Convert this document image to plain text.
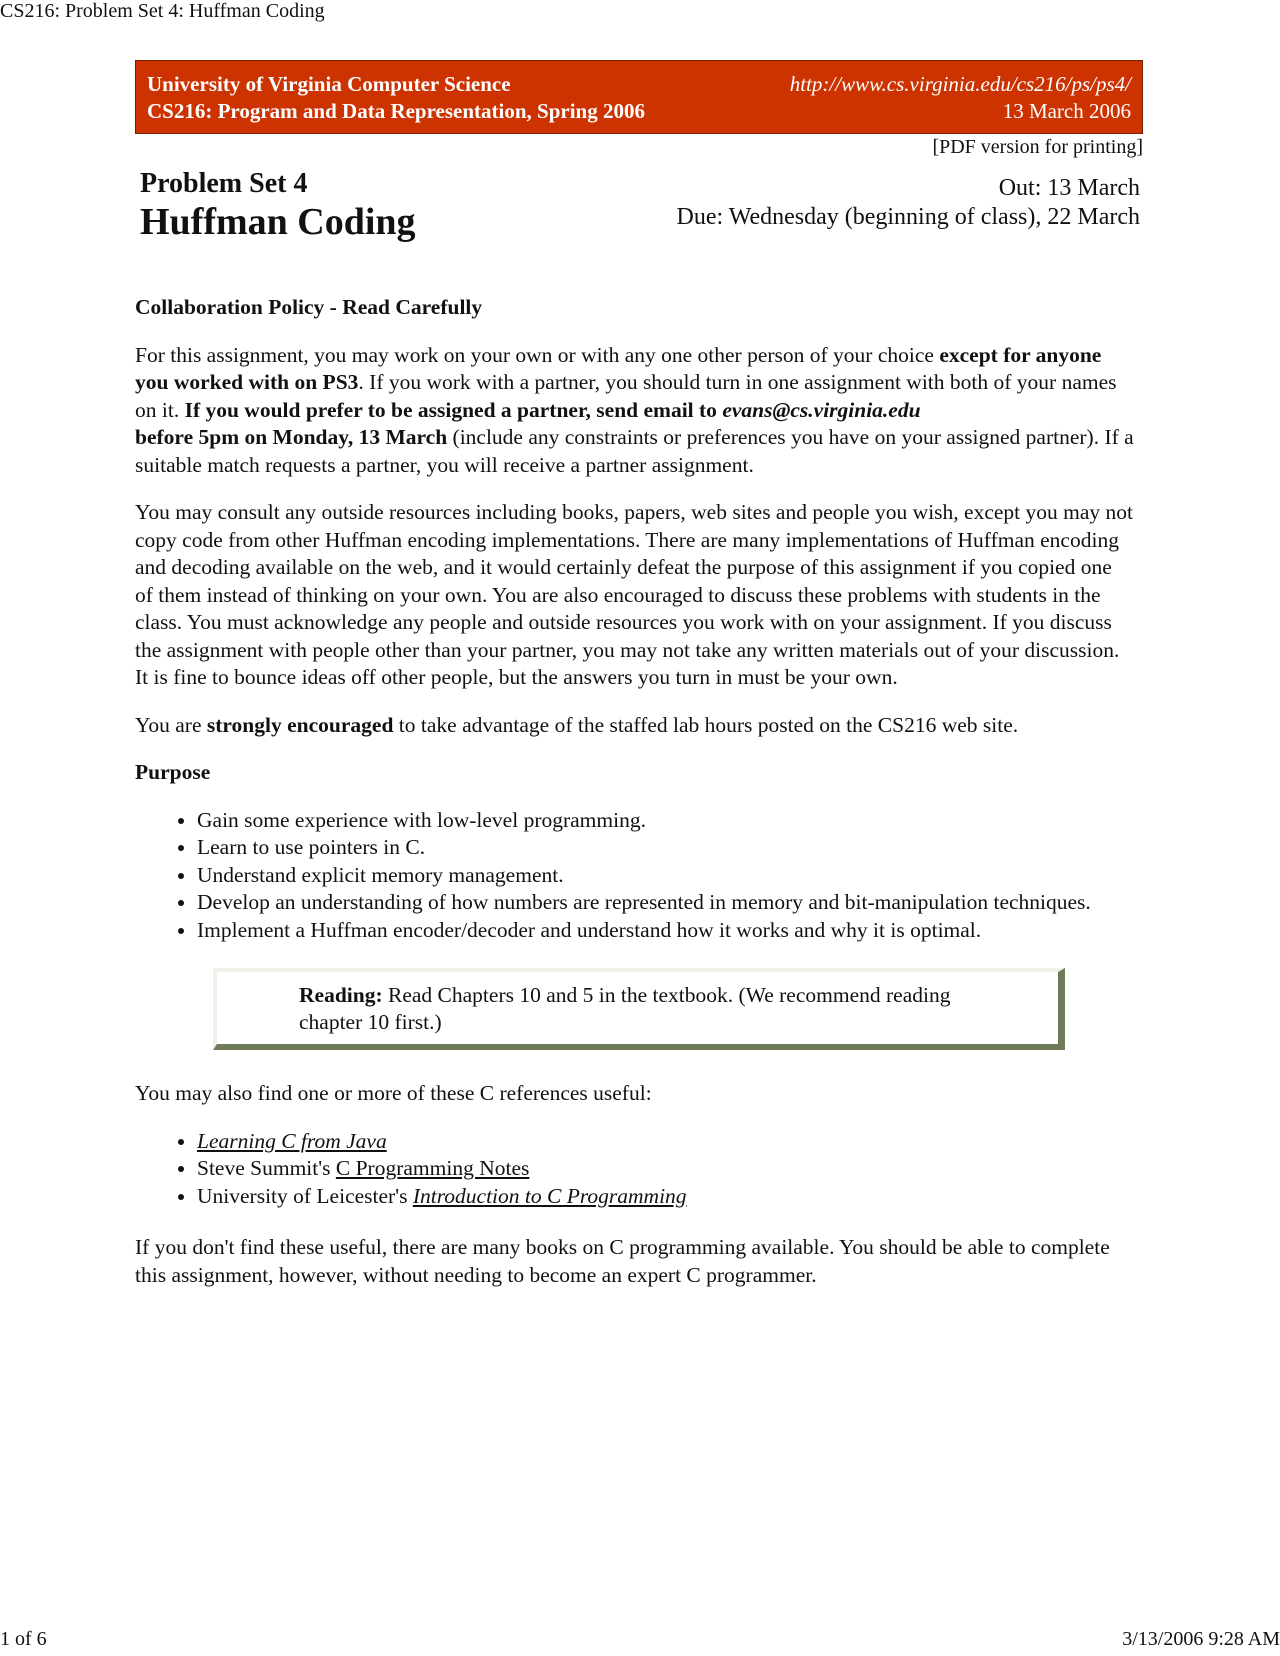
CS216: Problem Set 4: Huffman Coding
University of Virginia Computer Science
CS216: Program and Data Representation, Spring 2006
http://www.cs.virginia.edu/cs216/ps/ps4/
13 March 2006
[PDF version for printing]
Problem Set 4
Huffman Coding
Out: 13 March
Due: Wednesday (beginning of class), 22 March
Collaboration Policy - Read Carefully

For this assignment, you may work on your own or with any one other person of your choice except for anyone you worked with on PS3. If you work with a partner, you should turn in one assignment with both of your names on it. If you would prefer to be assigned a partner, send email to evans@cs.virginia.edu
before 5pm on Monday, 13 March (include any constraints or preferences you have on your assigned partner). If a suitable match requests a partner, you will receive a partner assignment.

You may consult any outside resources including books, papers, web sites and people you wish, except you may not copy code from other Huffman encoding implementations. There are many implementations of Huffman encoding and decoding available on the web, and it would certainly defeat the purpose of this assignment if you copied one of them instead of thinking on your own. You are also encouraged to discuss these problems with students in the class. You must acknowledge any people and outside resources you work with on your assignment. If you discuss the assignment with people other than your partner, you may not take any written materials out of your discussion. It is fine to bounce ideas off other people, but the answers you turn in must be your own.

You are strongly encouraged to take advantage of the staffed lab hours posted on the CS216 web site.

Purpose
• Gain some experience with low-level programming.
• Learn to use pointers in C.
• Understand explicit memory management.
• Develop an understanding of how numbers are represented in memory and bit-manipulation techniques.
• Implement a Huffman encoder/decoder and understand how it works and why it is optimal.
Reading: Read Chapters 10 and 5 in the textbook. (We recommend reading chapter 10 first.)

You may also find one or more of these C references useful:

• Learning C from Java
• Steve Summit's C Programming Notes
• University of Leicester's Introduction to C Programming

If you don't find these useful, there are many books on C programming available. You should be able to complete this assignment, however, without needing to become an expert C programmer.

1 of 6	3/13/2006 9:28 AM
